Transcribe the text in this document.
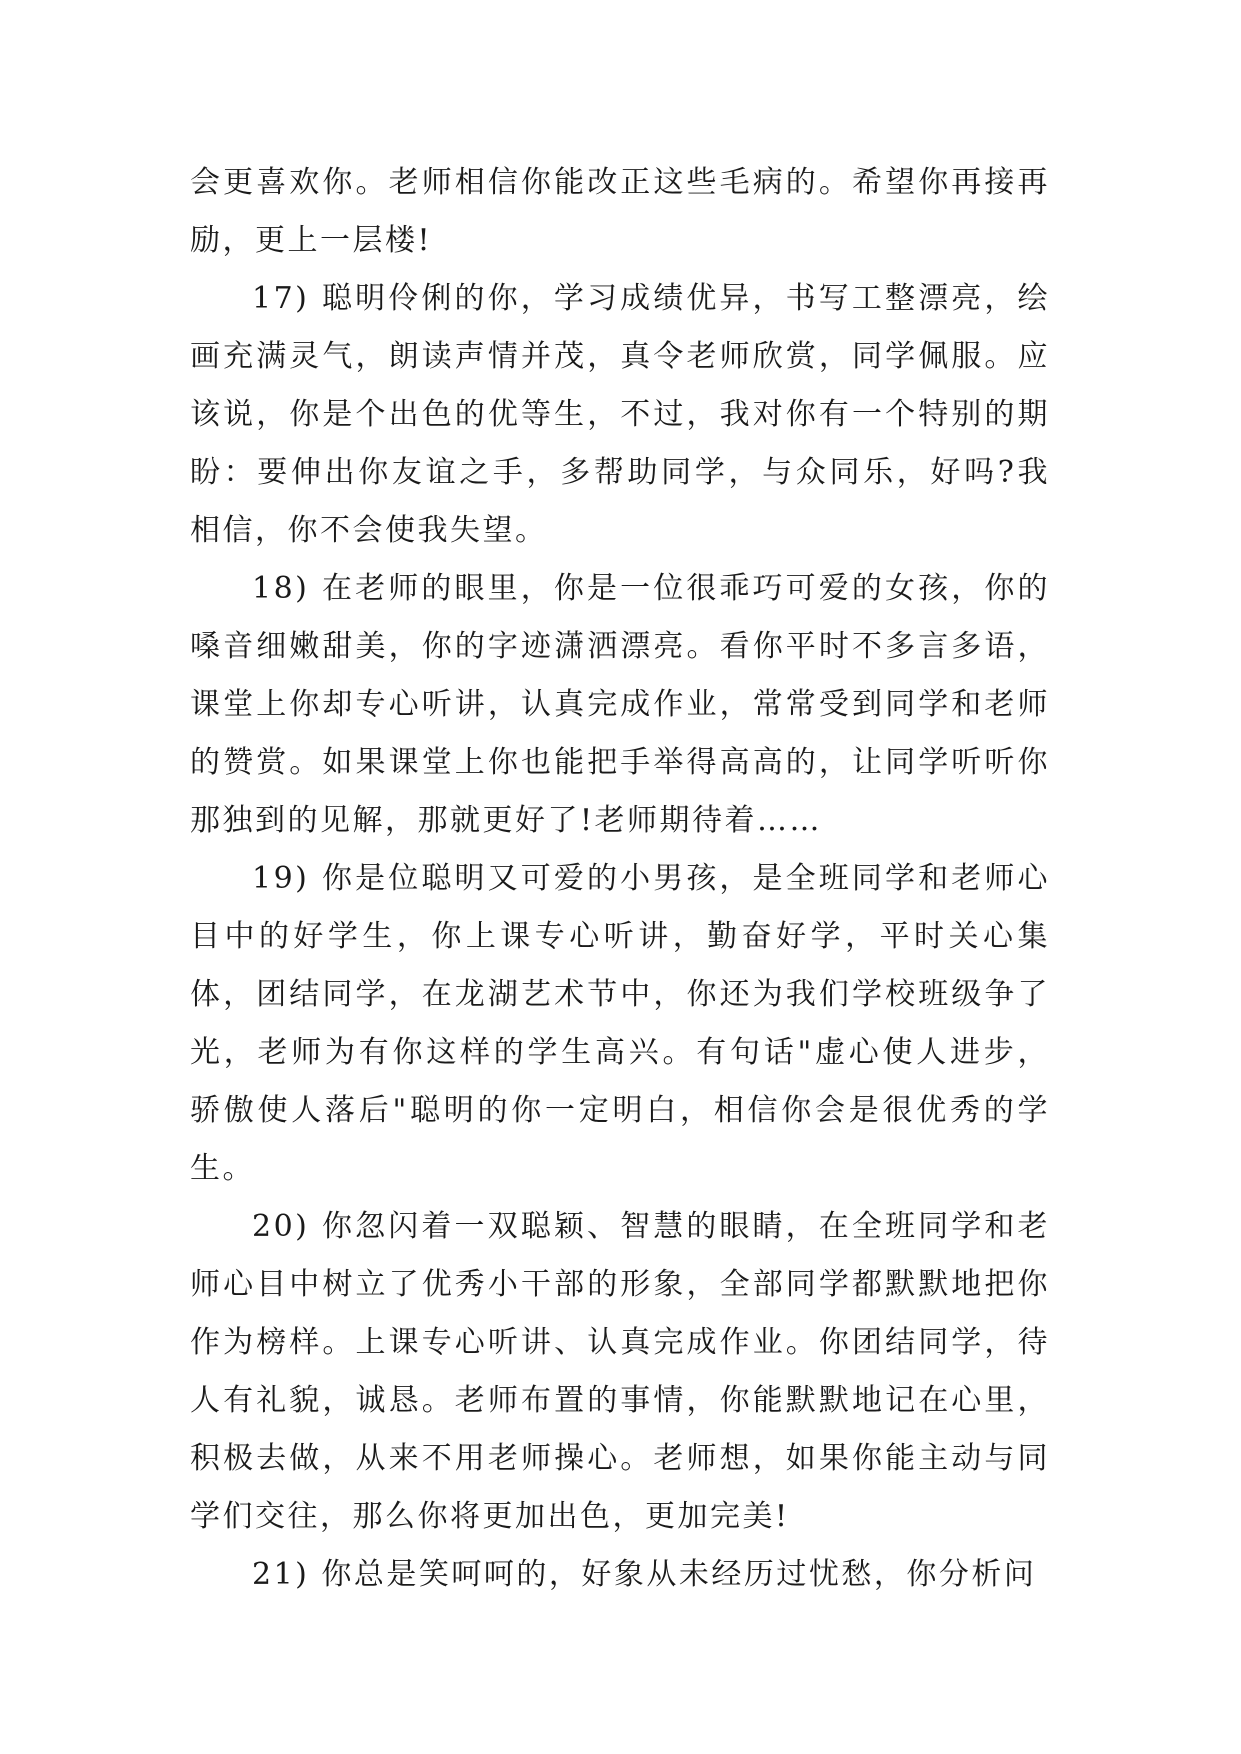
会更喜欢你。老师相信你能改正这些毛病的。希望你再接再励，更上一层楼!

17) 聪明伶俐的你，学习成绩优异，书写工整漂亮，绘画充满灵气，朗读声情并茂，真令老师欣赏，同学佩服。应该说，你是个出色的优等生，不过，我对你有一个特别的期盼：要伸出你友谊之手，多帮助同学，与众同乐，好吗?我相信，你不会使我失望。

18) 在老师的眼里，你是一位很乖巧可爱的女孩，你的嗓音细嫩甜美，你的字迹潇洒漂亮。看你平时不多言多语，课堂上你却专心听讲，认真完成作业，常常受到同学和老师的赞赏。如果课堂上你也能把手举得高高的，让同学听听你那独到的见解，那就更好了!老师期待着……

19) 你是位聪明又可爱的小男孩，是全班同学和老师心目中的好学生，你上课专心听讲，勤奋好学，平时关心集体，团结同学，在龙湖艺术节中，你还为我们学校班级争了光，老师为有你这样的学生高兴。有句话"虚心使人进步，骄傲使人落后"聪明的你一定明白，相信你会是很优秀的学生。

20) 你忽闪着一双聪颖、智慧的眼睛，在全班同学和老师心目中树立了优秀小干部的形象，全部同学都默默地把你作为榜样。上课专心听讲、认真完成作业。你团结同学，待人有礼貌，诚恳。老师布置的事情，你能默默地记在心里，积极去做，从来不用老师操心。老师想，如果你能主动与同学们交往，那么你将更加出色，更加完美!

21) 你总是笑呵呵的，好象从未经历过忧愁，你分析问
